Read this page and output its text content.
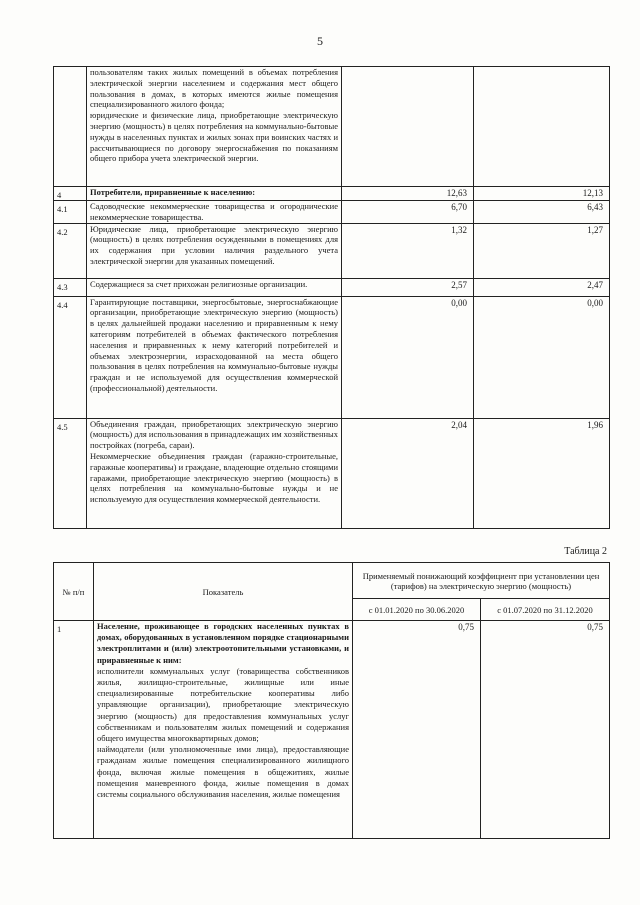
5

	пользователям таких жилых помещений в объемах потребления электрической энергии населением и содержания мест общего пользования в домах, в которых имеются жилые помещения специализированного жилого фонда;

юридические и физические лица, приобретающие электрическую энергию (мощность) в целях потребления на коммунально-бытовые нужды в населенных пунктах и жилых зонах при воинских частях и рассчитывающиеся по договору энергоснабжения по показаниям общего прибора учета электрической энергии.		

4	Потребители, приравненные к населению:	12,63	12,13
4.1	Садоводческие некоммерческие товарищества и огороднические некоммерческие товарищества.	6,70	6,43
4.2	Юридические лица, приобретающие электрическую энергию (мощность) в целях потребления осужденными в помещениях для их содержания при условии наличия раздельного учета электрической энергии для указанных помещений.	1,32	1,27
4.3	Содержащиеся за счет прихожан религиозные организации.	2,57	2,47
4.4	Гарантирующие поставщики, энергосбытовые, энергоснабжающие организации, приобретающие электрическую энергию (мощность) в целях дальнейшей продажи населению и приравненным к нему категориям потребителей в объемах фактического потребления населения и приравненных к нему категорий потребителей и объемах электроэнергии, израсходованной на места общего пользования в целях потребления на коммунально-бытовые нужды граждан и не используемой для осуществления коммерческой (профессиональной) деятельности.	0,00	0,00
4.5	Объединения граждан, приобретающих электрическую энергию (мощность) для использования в принадлежащих им хозяйственных постройках (погреба, сараи).

Некоммерческие объединения граждан (гаражно-строительные, гаражные кооперативы) и граждане, владеющие отдельно стоящими гаражами, приобретающие электрическую энергию (мощность) в целях потребления на коммунально-бытовые нужды и не используемую для осуществления коммерческой деятельности.	2,04	1,96
Таблица 2
№ п/п	Показатель	Применяемый понижающий коэффициент при установлении цен (тарифов) на электрическую энергию (мощность)	
		с 01.01.2020 по 30.06.2020	с 01.07.2020 по 31.12.2020
1	Население, проживающее в городских населенных пунктах в домах, оборудованных в установленном порядке стационарными электроплитами и (или) электроотопительными установками, и приравненные к ним:

исполнители коммунальных услуг (товарищества собственников жилья, жилищно-строительные, жилищные или иные специализированные потребительские кооперативы либо управляющие организации), приобретающие электрическую энергию (мощность) для предоставления коммунальных услуг собственникам и пользователям жилых помещений и содержания общего имущества многоквартирных домов;

наймодатели (или уполномоченные ими лица), предоставляющие гражданам жилые помещения специализированного жилищного фонда, включая жилые помещения в общежитиях, жилые помещения маневренного фонда, жилые помещения в домах системы социального обслуживания населения, жилые помещения	0,75	0,75
